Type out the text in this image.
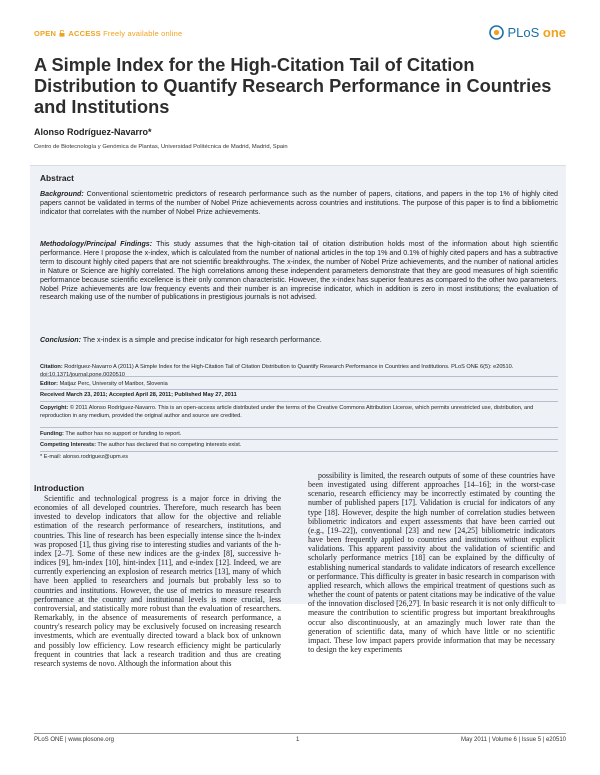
OPEN ACCESS Freely available online	PLoS one
A Simple Index for the High-Citation Tail of Citation Distribution to Quantify Research Performance in Countries and Institutions
Alonso Rodríguez-Navarro*
Centro de Biotecnología y Genómica de Plantas, Universidad Politécnica de Madrid, Madrid, Spain
Abstract

Background: Conventional scientometric predictors of research performance such as the number of papers, citations, and papers in the top 1% of highly cited papers cannot be validated in terms of the number of Nobel Prize achievements across countries and institutions. The purpose of this paper is to find a bibliometric indicator that correlates with the number of Nobel Prize achievements.

Methodology/Principal Findings: This study assumes that the high-citation tail of citation distribution holds most of the information about high scientific performance. Here I propose the x-index, which is calculated from the number of national articles in the top 1% and 0.1% of highly cited papers and has a subtractive term to discount highly cited papers that are not scientific breakthroughs. The x-index, the number of Nobel Prize achievements, and the number of national articles in Nature or Science are highly correlated. The high correlations among these independent parameters demonstrate that they are good measures of high scientific performance because scientific excellence is their only common characteristic. However, the x-index has superior features as compared to the other two parameters. Nobel Prize achievements are low frequency events and their number is an imprecise indicator, which in addition is zero in most institutions; the evaluation of research making use of the number of publications in prestigious journals is not advised.

Conclusion: The x-index is a simple and precise indicator for high research performance.

Citation: Rodríguez-Navarro A (2011) A Simple Index for the High-Citation Tail of Citation Distribution to Quantify Research Performance in Countries and Institutions. PLoS ONE 6(5): e20510. doi:10.1371/journal.pone.0020510

Editor: Matjaz Perc, University of Maribor, Slovenia

Received March 23, 2011; Accepted April 28, 2011; Published May 27, 2011

Copyright: © 2011 Alonso Rodríguez-Navarro. This is an open-access article distributed under the terms of the Creative Commons Attribution License, which permits unrestricted use, distribution, and reproduction in any medium, provided the original author and source are credited.

Funding: The author has no support or funding to report.

Competing Interests: The author has declared that no competing interests exist.

* E-mail: alonso.rodriguez@upm.es

Introduction

Scientific and technological progress is a major force in driving the economies of all developed countries. Therefore, much research has been invested to develop indicators that allow for the objective and reliable estimation of the research performance of researchers, institutions, and countries. This line of research has been especially intense since the h-index was proposed [1], thus giving rise to interesting studies and variants of the h-index [2–7]. Some of these new indices are the g-index [8], successive h-indices [9], hm-index [10], hint-index [11], and e-index [12]. Indeed, we are currently experiencing an explosion of research metrics [13], many of which have been applied to researchers and journals but probably less so to countries and institutions. However, the use of metrics to measure research performance at the country and institutional levels is more crucial, less controversial, and statistically more robust than the evaluation of researchers. Remarkably, in the absence of measurements of research performance, a country's research policy may be exclusively focused on increasing research investments, which are eventually directed toward a black box of unknown and possibly low efficiency. Low research efficiency might be particularly frequent in countries that lack a research tradition and thus are creating research systems de novo. Although the information about this

possibility is limited, the research outputs of some of these countries have been investigated using different approaches [14–16]; in the worst-case scenario, research efficiency may be incorrectly estimated by counting the number of published papers [17]. Validation is crucial for indicators of any type [18]. However, despite the high number of correlation studies between bibliometric indicators and expert assessments that have been carried out (e.g., [19–22]), conventional [23] and new [24,25] bibliometric indicators have been frequently applied to countries and institutions without explicit validations. This apparent passivity about the validation of scientific and scholarly performance metrics [18] can be explained by the difficulty of establishing numerical standards to validate indicators of research excellence or performance. This difficulty is greater in basic research in comparison with applied research, which allows the empirical treatment of questions such as whether the count of patents or patent citations may be indicative of the value of the innovation disclosed [26,27]. In basic research it is not only difficult to measure the contribution to scientific progress but important breakthroughs occur also discontinuously, at an amazingly much lower rate than the generation of scientific data, many of which have little or no scientific impact. These low impact papers provide information that may be necessary to design the key experiments

PLoS ONE | www.plosone.org	1	May 2011 | Volume 6 | Issue 5 | e20510
